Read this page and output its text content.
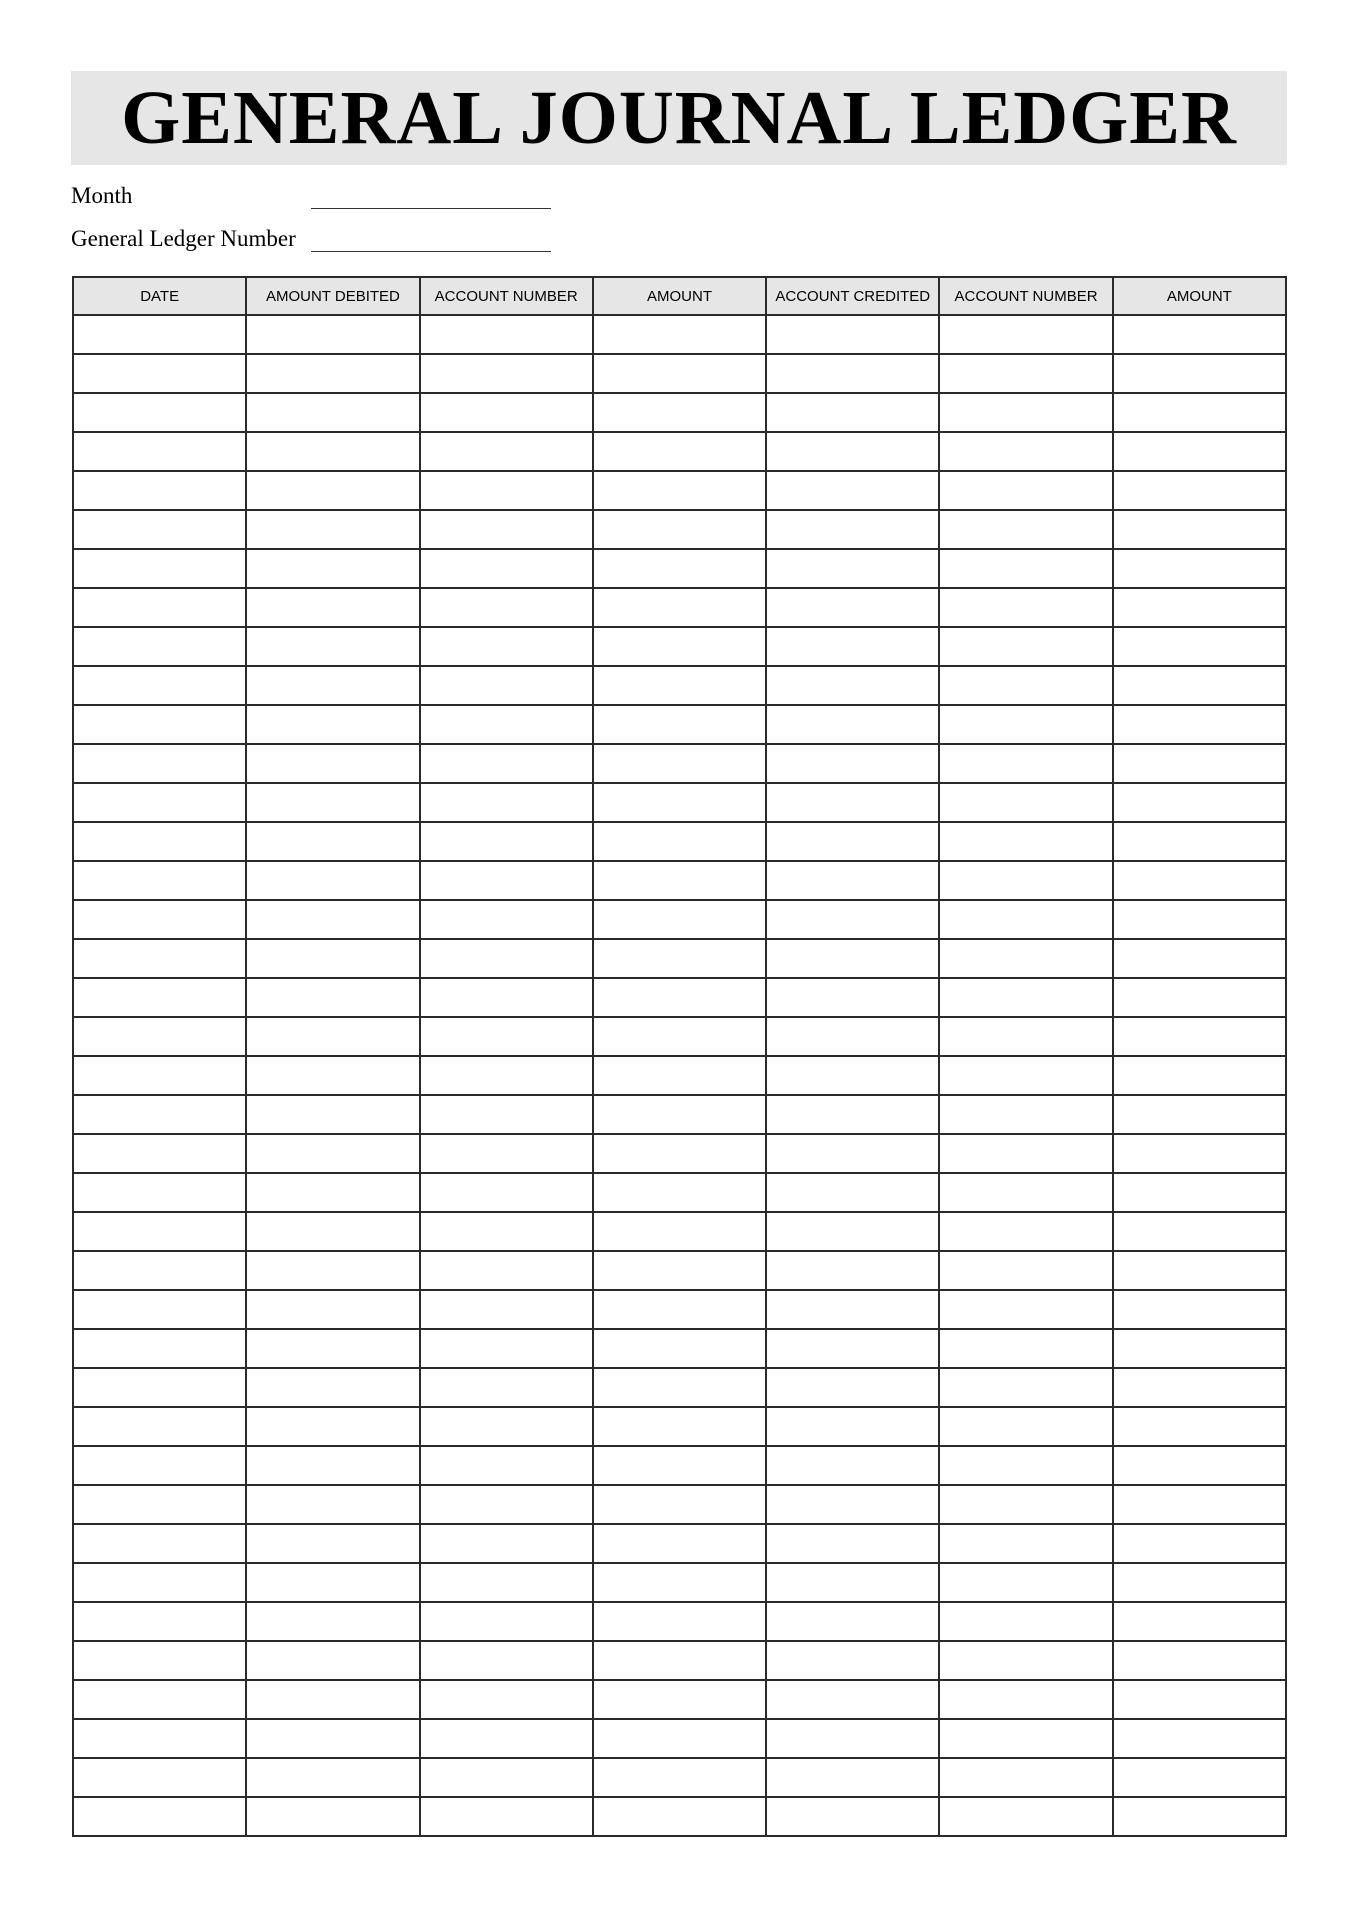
GENERAL JOURNAL LEDGER
Month
General Ledger Number
DATE	AMOUNT DEBITED	ACCOUNT NUMBER	AMOUNT	ACCOUNT CREDITED	ACCOUNT NUMBER	AMOUNT
